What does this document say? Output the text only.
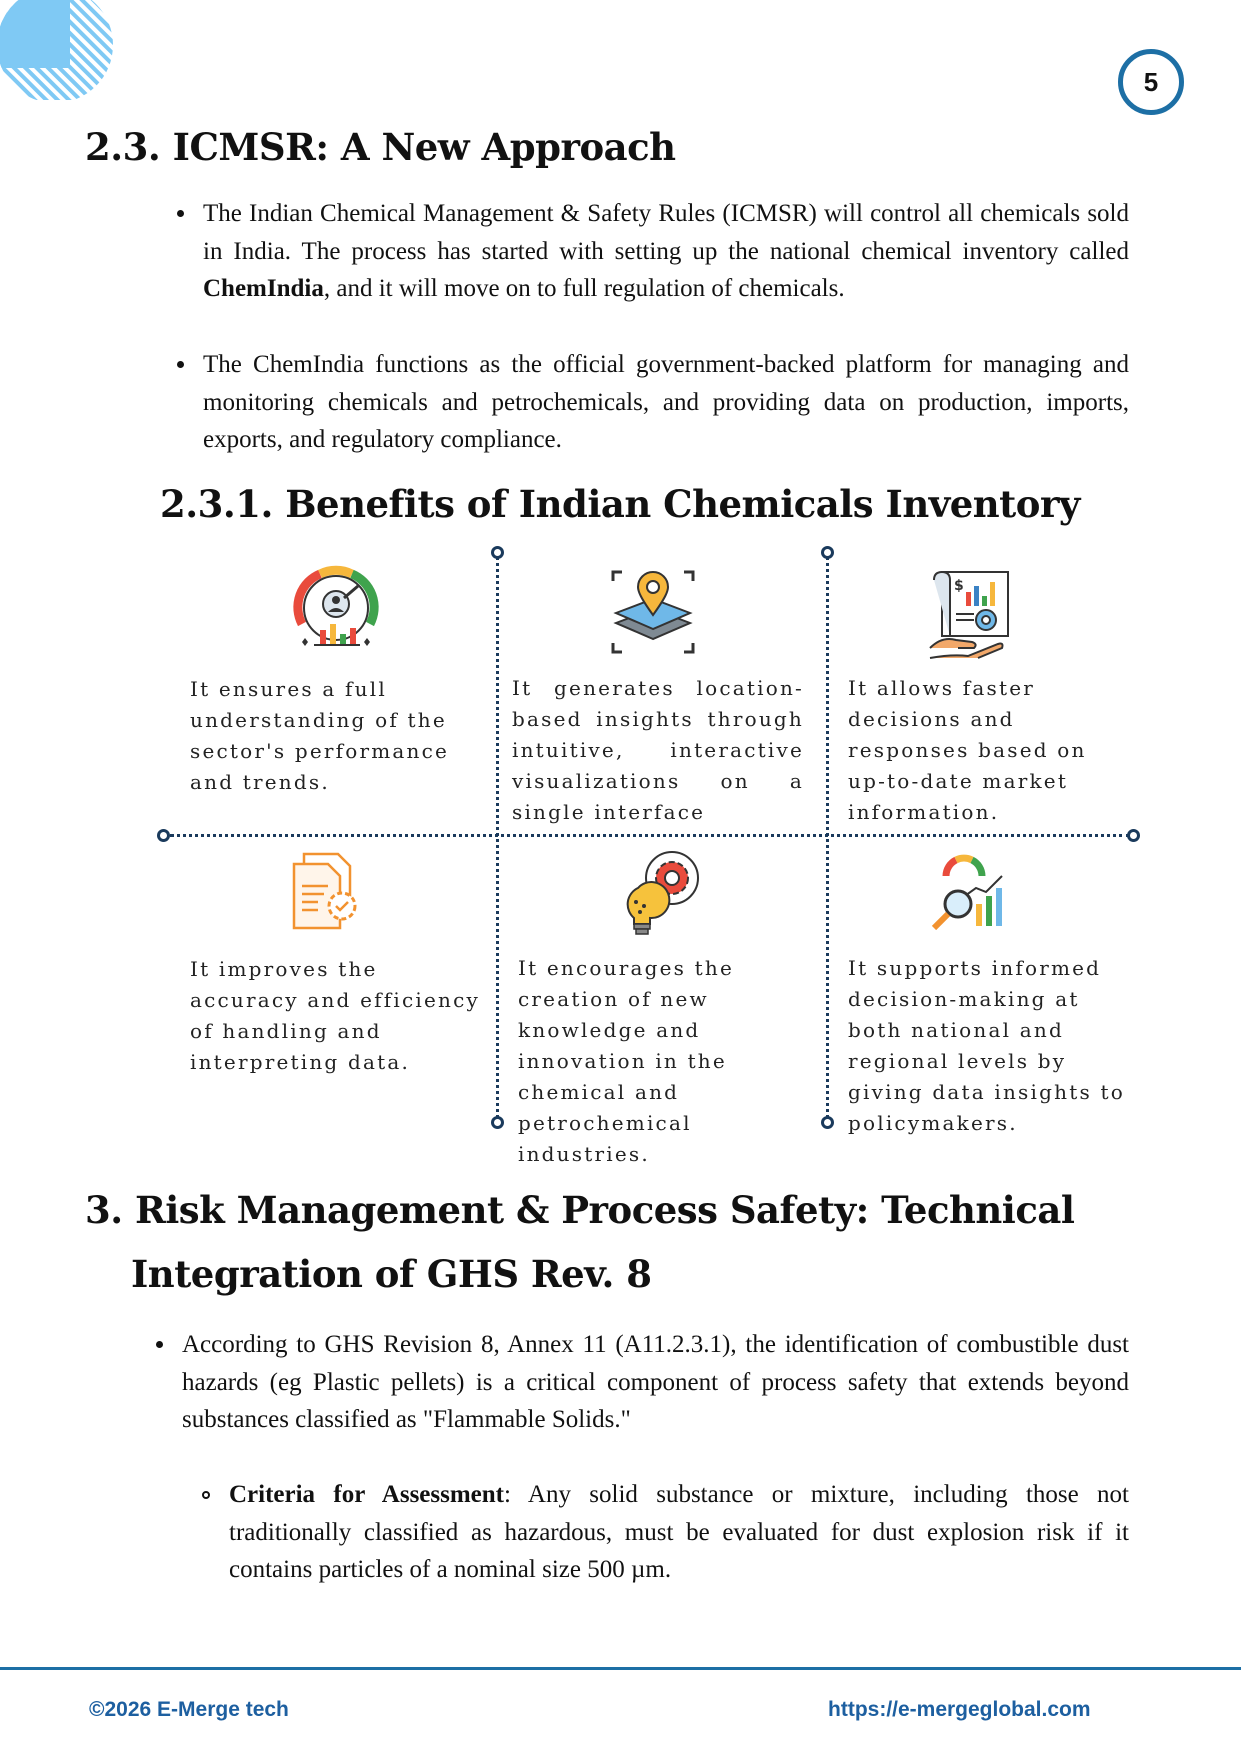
5
2.3. ICMSR: A New Approach

The Indian Chemical Management & Safety Rules (ICMSR) will control all chemicals sold in India. The process has started with setting up the national chemical inventory called ChemIndia, and it will move on to full regulation of chemicals.

The ChemIndia functions as the official government-backed platform for managing and monitoring chemicals and petrochemicals, and providing data on production, imports, exports, and regulatory compliance.

2.3.1. Benefits of Indian Chemicals Inventory
$
It ensures a full understanding of the sector's performance and trends.
It generates location-based insights through intuitive, interactive visualizations on a single interface
It allows faster decisions and responses based on up-to-date market information.
It improves the accuracy and efficiency of handling and interpreting data.
It encourages the creation of new knowledge and innovation in the chemical and petrochemical industries.
It supports informed decision-making at both national and regional levels by giving data insights to policymakers.
3. Risk Management & Process Safety: Technical
Integration of GHS Rev. 8

According to GHS Revision 8, Annex 11 (A11.2.3.1), the identification of combustible dust hazards (eg Plastic pellets) is a critical component of process safety that extends beyond substances classified as "Flammable Solids."

Criteria for Assessment: Any solid substance or mixture, including those not traditionally classified as hazardous, must be evaluated for dust explosion risk if it contains particles of a nominal size 500 µm.

©2026 E-Merge tech	https://e-mergeglobal.com
